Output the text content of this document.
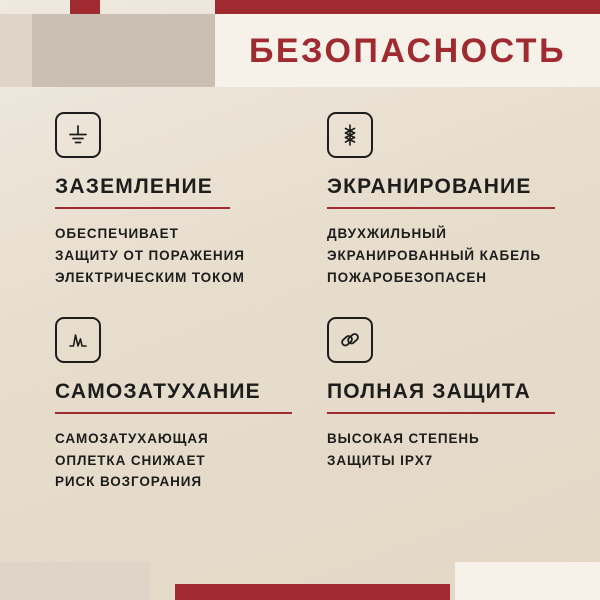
БЕЗОПАСНОСТЬ
ЗАЗЕМЛЕНИЕ
ОБЕСПЕЧИВАЕТ
ЗАЩИТУ ОТ ПОРАЖЕНИЯ
ЭЛЕКТРИЧЕСКИМ ТОКОМ
ЭКРАНИРОВАНИЕ
ДВУХЖИЛЬНЫЙ
ЭКРАНИРОВАННЫЙ КАБЕЛЬ
ПОЖАРОБЕЗОПАСЕН
САМОЗАТУХАНИЕ
САМОЗАТУХАЮЩАЯ
ОПЛЕТКА СНИЖАЕТ
РИСК ВОЗГОРАНИЯ
ПОЛНАЯ ЗАЩИТА
ВЫСОКАЯ СТЕПЕНЬ
ЗАЩИТЫ IPX7
